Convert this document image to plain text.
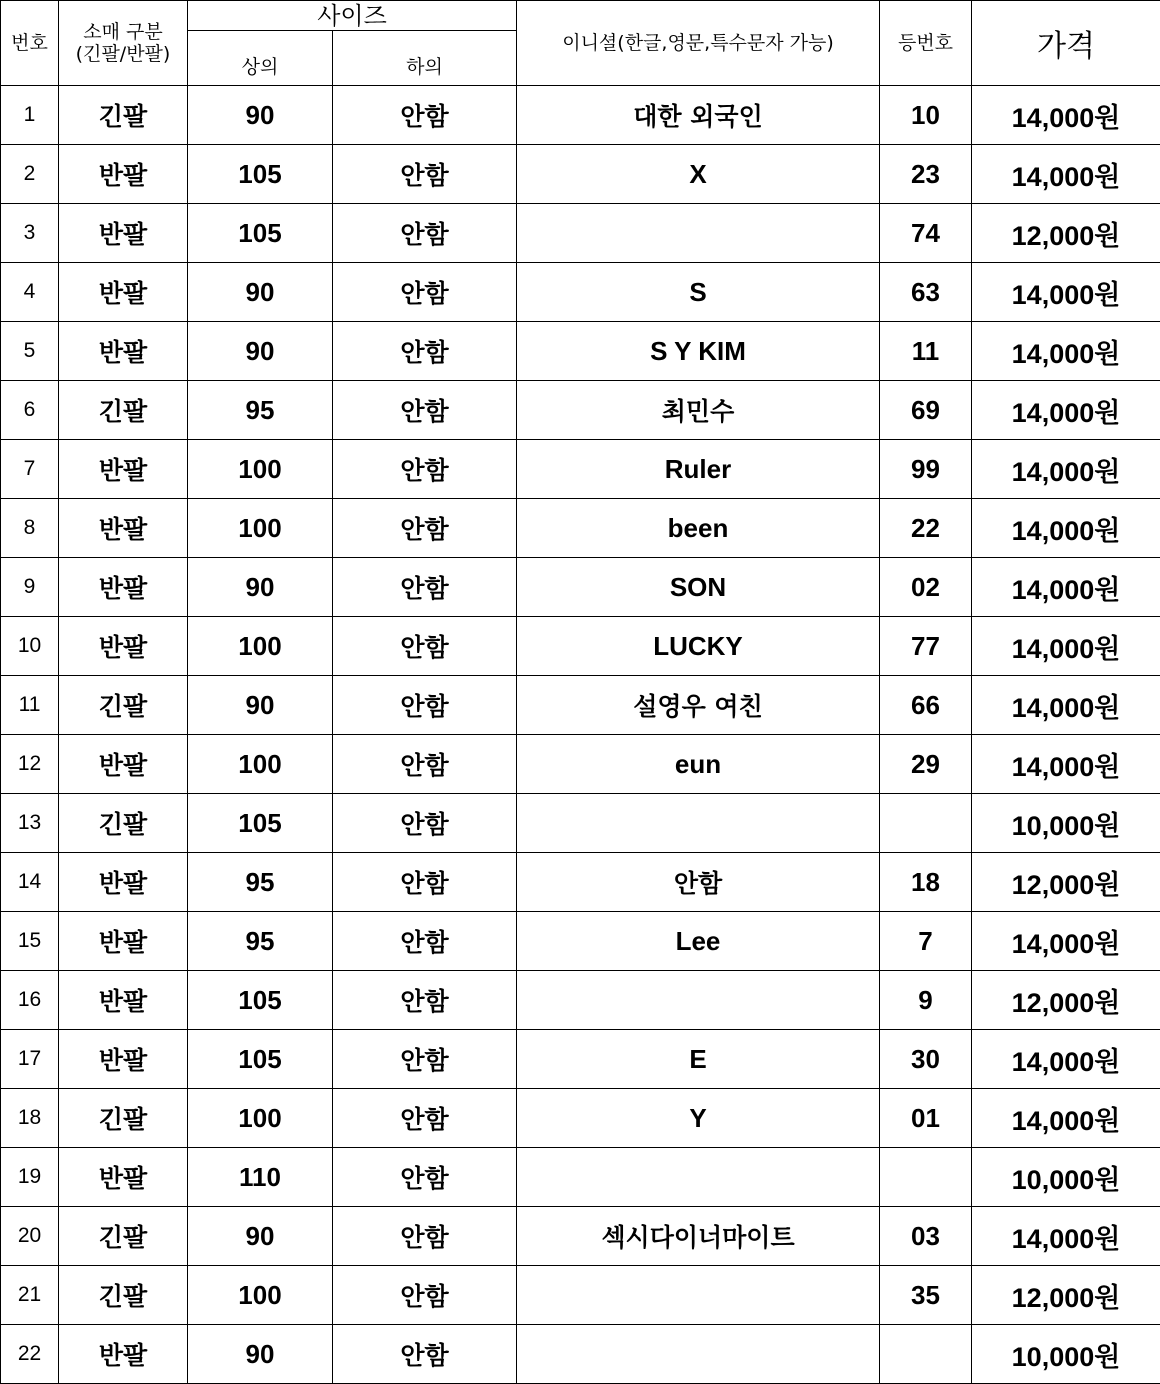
번호	소매 구분
(긴팔/반팔)	사이즈		이니셜(한글,영문,특수문자 가능)	등번호	가격
		상의	하의			
1	긴팔	90	안함	대한 외국인	10	14,000원
2	반팔	105	안함	X	23	14,000원
3	반팔	105	안함		74	12,000원
4	반팔	90	안함	S	63	14,000원
5	반팔	90	안함	S Y KIM	11	14,000원
6	긴팔	95	안함	최민수	69	14,000원
7	반팔	100	안함	Ruler	99	14,000원
8	반팔	100	안함	been	22	14,000원
9	반팔	90	안함	SON	02	14,000원
10	반팔	100	안함	LUCKY	77	14,000원
11	긴팔	90	안함	설영우 여친	66	14,000원
12	반팔	100	안함	eun	29	14,000원
13	긴팔	105	안함			10,000원
14	반팔	95	안함	안함	18	12,000원
15	반팔	95	안함	Lee	7	14,000원
16	반팔	105	안함		9	12,000원
17	반팔	105	안함	E	30	14,000원
18	긴팔	100	안함	Y	01	14,000원
19	반팔	110	안함			10,000원
20	긴팔	90	안함	섹시다이너마이트	03	14,000원
21	긴팔	100	안함		35	12,000원
22	반팔	90	안함			10,000원
